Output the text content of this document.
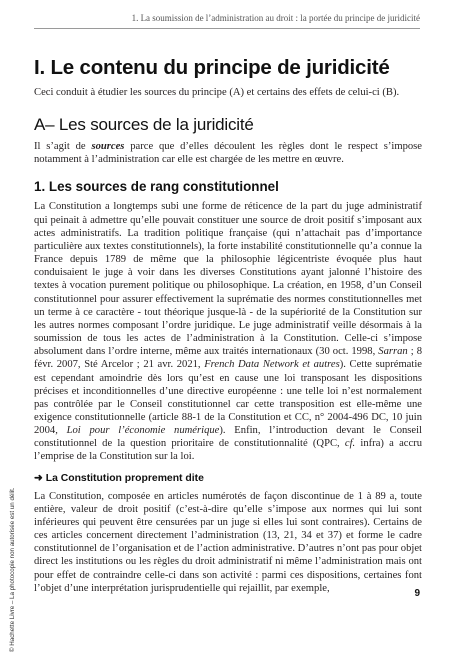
1. La soumission de l’administration au droit : la portée du principe de juridicité
I. Le contenu du principe de juridicité

Ceci conduit à étudier les sources du principe (A) et certains des effets de celui-ci (B).

A– Les sources de la juridicité

Il s’agit de sources parce que d’elles découlent les règles dont le respect s’impose notamment à l’administration car elle est chargée de les mettre en œuvre.

1. Les sources de rang constitutionnel

La Constitution a longtemps subi une forme de réticence de la part du juge administratif qui peinait à admettre qu’elle pouvait constituer une source de droit positif s’imposant aux actes administratifs. La tradition politique française (qui n’attachait pas d’importance particulière aux textes constitutionnels), la forte instabilité constitutionnelle qu’a connue la France depuis 1789 de même que la philosophie légicentriste évoquée plus haut conduisaient le juge à voir dans les diverses Constitutions ayant jalonné l’histoire des textes à vocation purement politique ou philosophique. La création, en 1958, d’un Conseil constitutionnel pour assurer effectivement la suprématie des normes constitutionnelles met un terme à ce caractère - tout théorique jusque-là - de la supériorité de la Constitution sur les autres normes composant l’ordre juridique. Le juge administratif veille désormais à la soumission de tous les actes de l’administration à la Constitution. Celle-ci s’impose absolument dans l’ordre interne, même aux traités internationaux (30 oct. 1998, Sarran ; 8 févr. 2007, Sté Arcelor ; 21 avr. 2021, French Data Network et autres). Cette suprématie est cependant amoindrie dès lors qu’est en cause une loi transposant les dispositions précises et inconditionnelles d’une directive européenne : une telle loi n’est normalement pas contrôlée par le Conseil constitutionnel car cette transposition est elle-même une exigence constitutionnelle (article 88-1 de la Constitution et CC, n° 2004-496 DC, 10 juin 2004, Loi pour l’économie numérique). Enfin, l’introduction devant le Conseil constitutionnel de la question prioritaire de constitutionnalité (QPC, cf. infra) a accru l’emprise de la Constitution sur la loi.

➜ La Constitution proprement dite

La Constitution, composée en articles numérotés de façon discontinue de 1 à 89 a, toute entière, valeur de droit positif (c’est-à-dire qu’elle s’impose aux normes qui lui sont inférieures qui peuvent être censurées par un juge si elles lui sont contraires). Certains de ces articles concernent directement l’administration (13, 21, 34 et 37) et forme le cadre constitutionnel de l’organisation et de l’action administrative. D’autres n’ont pas pour objet direct les institutions ou les règles du droit administratif ni même l’administration mais ont pour effet de contraindre celle-ci dans son activité : parmi ces dispositions, certaines font l’objet d’une interprétation jurisprudentielle qui rejaillit, par exemple,

© Hachette Livre – La photocopie non autorisée est un délit.	9
